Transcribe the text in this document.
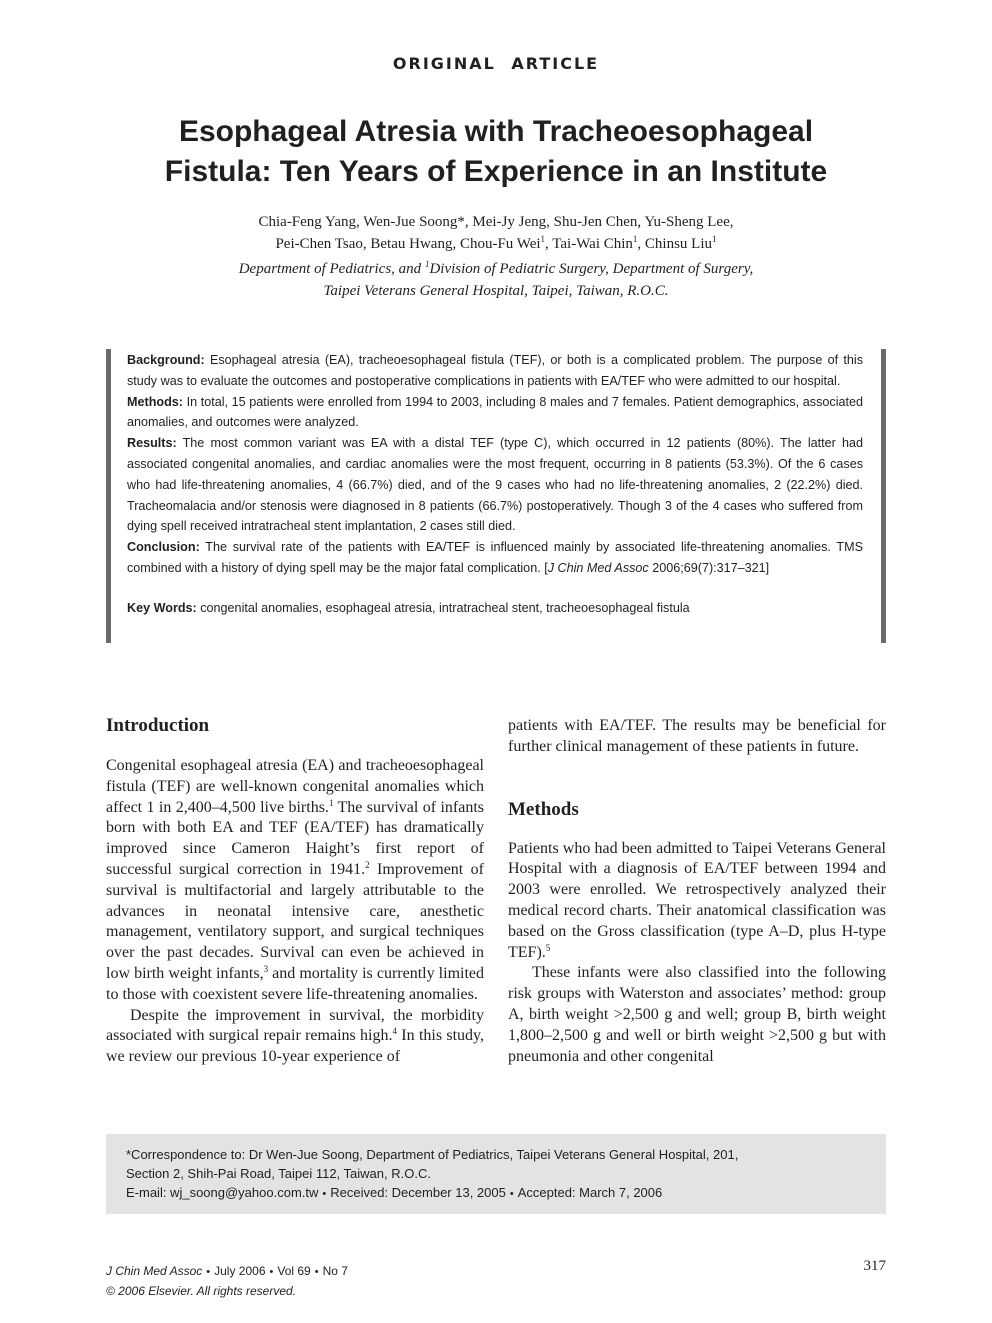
ORIGINAL ARTICLE
Esophageal Atresia with Tracheoesophageal
Fistula: Ten Years of Experience in an Institute
Chia-Feng Yang, Wen-Jue Soong*, Mei-Jy Jeng, Shu-Jen Chen, Yu-Sheng Lee,
Pei-Chen Tsao, Betau Hwang, Chou-Fu Wei$^1$, Tai-Wai Chin$^1$, Chinsu Liu$^1$
Department of Pediatrics, and $^1$Division of Pediatric Surgery, Department of Surgery,
Taipei Veterans General Hospital, Taipei, Taiwan, R.O.C.

Background: Esophageal atresia (EA), tracheoesophageal fistula (TEF), or both is a complicated problem. The purpose of this study was to evaluate the outcomes and postoperative complications in patients with EA/TEF who were admitted to our hospital.

Methods: In total, 15 patients were enrolled from 1994 to 2003, including 8 males and 7 females. Patient demographics, associated anomalies, and outcomes were analyzed.

Results: The most common variant was EA with a distal TEF (type C), which occurred in 12 patients (80%). The latter had associated congenital anomalies, and cardiac anomalies were the most frequent, occurring in 8 patients (53.3%). Of the 6 cases who had life-threatening anomalies, 4 (66.7%) died, and of the 9 cases who had no life-threatening anomalies, 2 (22.2%) died. Tracheomalacia and/or stenosis were diagnosed in 8 patients (66.7%) postoperatively. Though 3 of the 4 cases who suffered from dying spell received intratracheal stent implantation, 2 cases still died.

Conclusion: The survival rate of the patients with EA/TEF is influenced mainly by associated life-threatening anomalies. TMS combined with a history of dying spell may be the major fatal complication. [J Chin Med Assoc 2006;69(7):317–321]

Key Words: congenital anomalies, esophageal atresia, intratracheal stent, tracheoesophageal fistula

Introduction

Congenital esophageal atresia (EA) and tracheoesophageal fistula (TEF) are well-known congenital anomalies which affect 1 in 2,400–4,500 live births.$^1$ The survival of infants born with both EA and TEF (EA/TEF) has dramatically improved since Cameron Haight’s first report of successful surgical correction in 1941.$^2$ Improvement of survival is multifactorial and largely attributable to the advances in neonatal intensive care, anesthetic management, ventilatory support, and surgical techniques over the past decades. Survival can even be achieved in low birth weight infants,$^3$ and mortality is currently limited to those with coexistent severe life-threatening anomalies.

Despite the improvement in survival, the morbidity associated with surgical repair remains high.$^4$ In this study, we review our previous 10-year experience of

patients with EA/TEF. The results may be beneficial for further clinical management of these patients in future.

Methods

Patients who had been admitted to Taipei Veterans General Hospital with a diagnosis of EA/TEF between 1994 and 2003 were enrolled. We retrospectively analyzed their medical record charts. Their anatomical classification was based on the Gross classification (type A–D, plus H-type TEF).$^5$

These infants were also classified into the following risk groups with Waterston and associates’ method: group A, birth weight >2,500 g and well; group B, birth weight 1,800–2,500 g and well or birth weight >2,500 g but with pneumonia and other congenital

*Correspondence to: Dr Wen-Jue Soong, Department of Pediatrics, Taipei Veterans General Hospital, 201,
Section 2, Shih-Pai Road, Taipei 112, Taiwan, R.O.C.
E-mail: wj_soong@yahoo.com.tw • Received: December 13, 2005 • Accepted: March 7, 2006
J Chin Med Assoc • July 2006 • Vol 69 • No 7
© 2006 Elsevier. All rights reserved.
317
